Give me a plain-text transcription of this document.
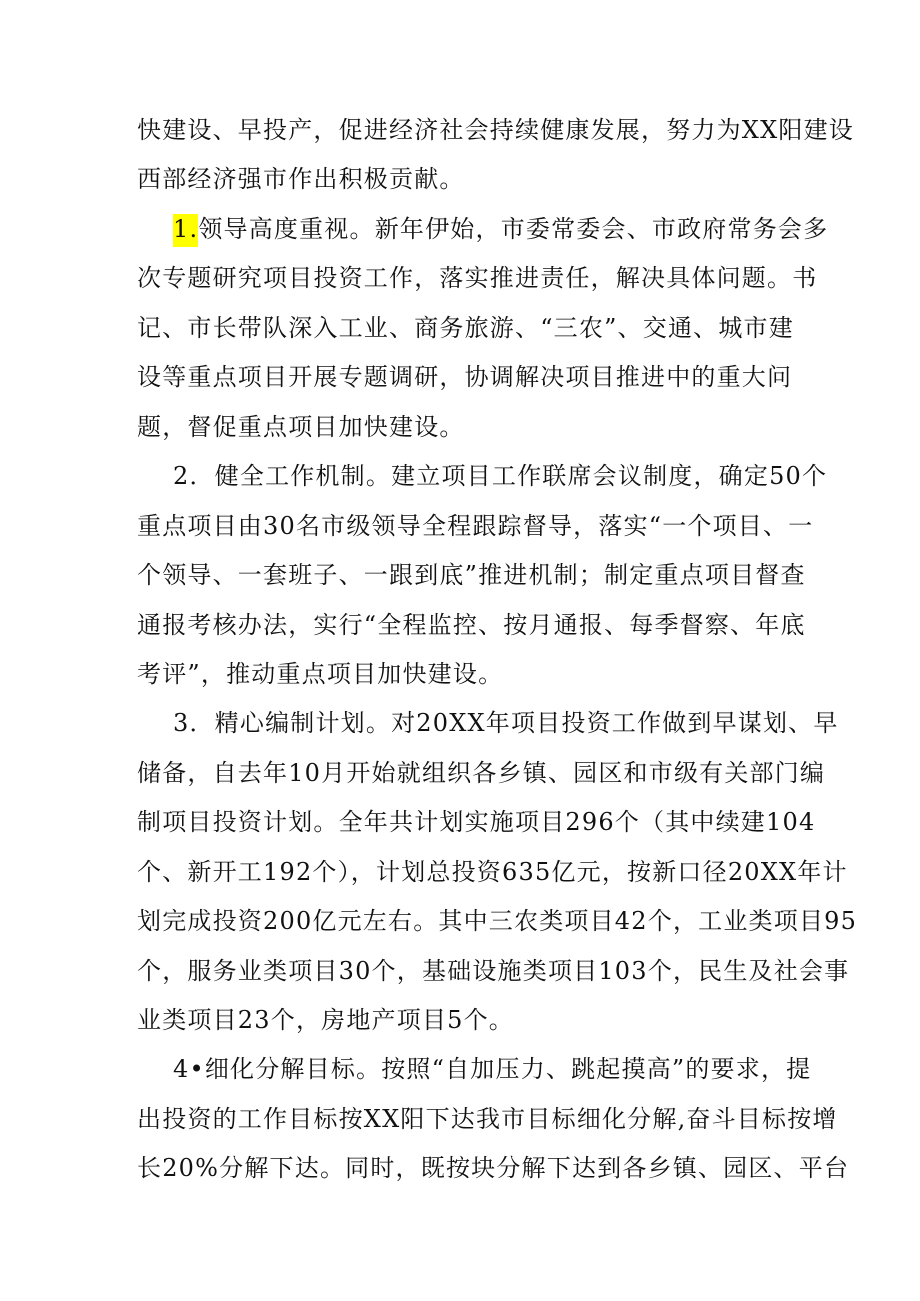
快建设、早投产，促进经济社会持续健康发展，努力为XX阳建设
西部经济强市作出积极贡献。
1.领导高度重视。新年伊始，市委常委会、市政府常务会多
次专题研究项目投资工作，落实推进责任，解决具体问题。书
记、市长带队深入工业、商务旅游、“三农”、交通、城市建
设等重点项目开展专题调研，协调解决项目推进中的重大问
题，督促重点项目加快建设。
2．健全工作机制。建立项目工作联席会议制度，确定50个
重点项目由30名市级领导全程跟踪督导，落实“一个项目、一
个领导、一套班子、一跟到底”推进机制；制定重点项目督查
通报考核办法，实行“全程监控、按月通报、每季督察、年底
考评”，推动重点项目加快建设。
3．精心编制计划。对20XX年项目投资工作做到早谋划、早
储备，自去年10月开始就组织各乡镇、园区和市级有关部门编
制项目投资计划。全年共计划实施项目296个（其中续建104
个、新开工192个），计划总投资635亿元，按新口径20XX年计
划完成投资200亿元左右。其中三农类项目42个，工业类项目95
个，服务业类项目30个，基础设施类项目103个，民生及社会事
业类项目23个，房地产项目5个。
4•细化分解目标。按照“自加压力、跳起摸高”的要求，提
出投资的工作目标按XX阳下达我市目标细化分解,奋斗目标按增
长20%分解下达。同时，既按块分解下达到各乡镇、园区、平台
